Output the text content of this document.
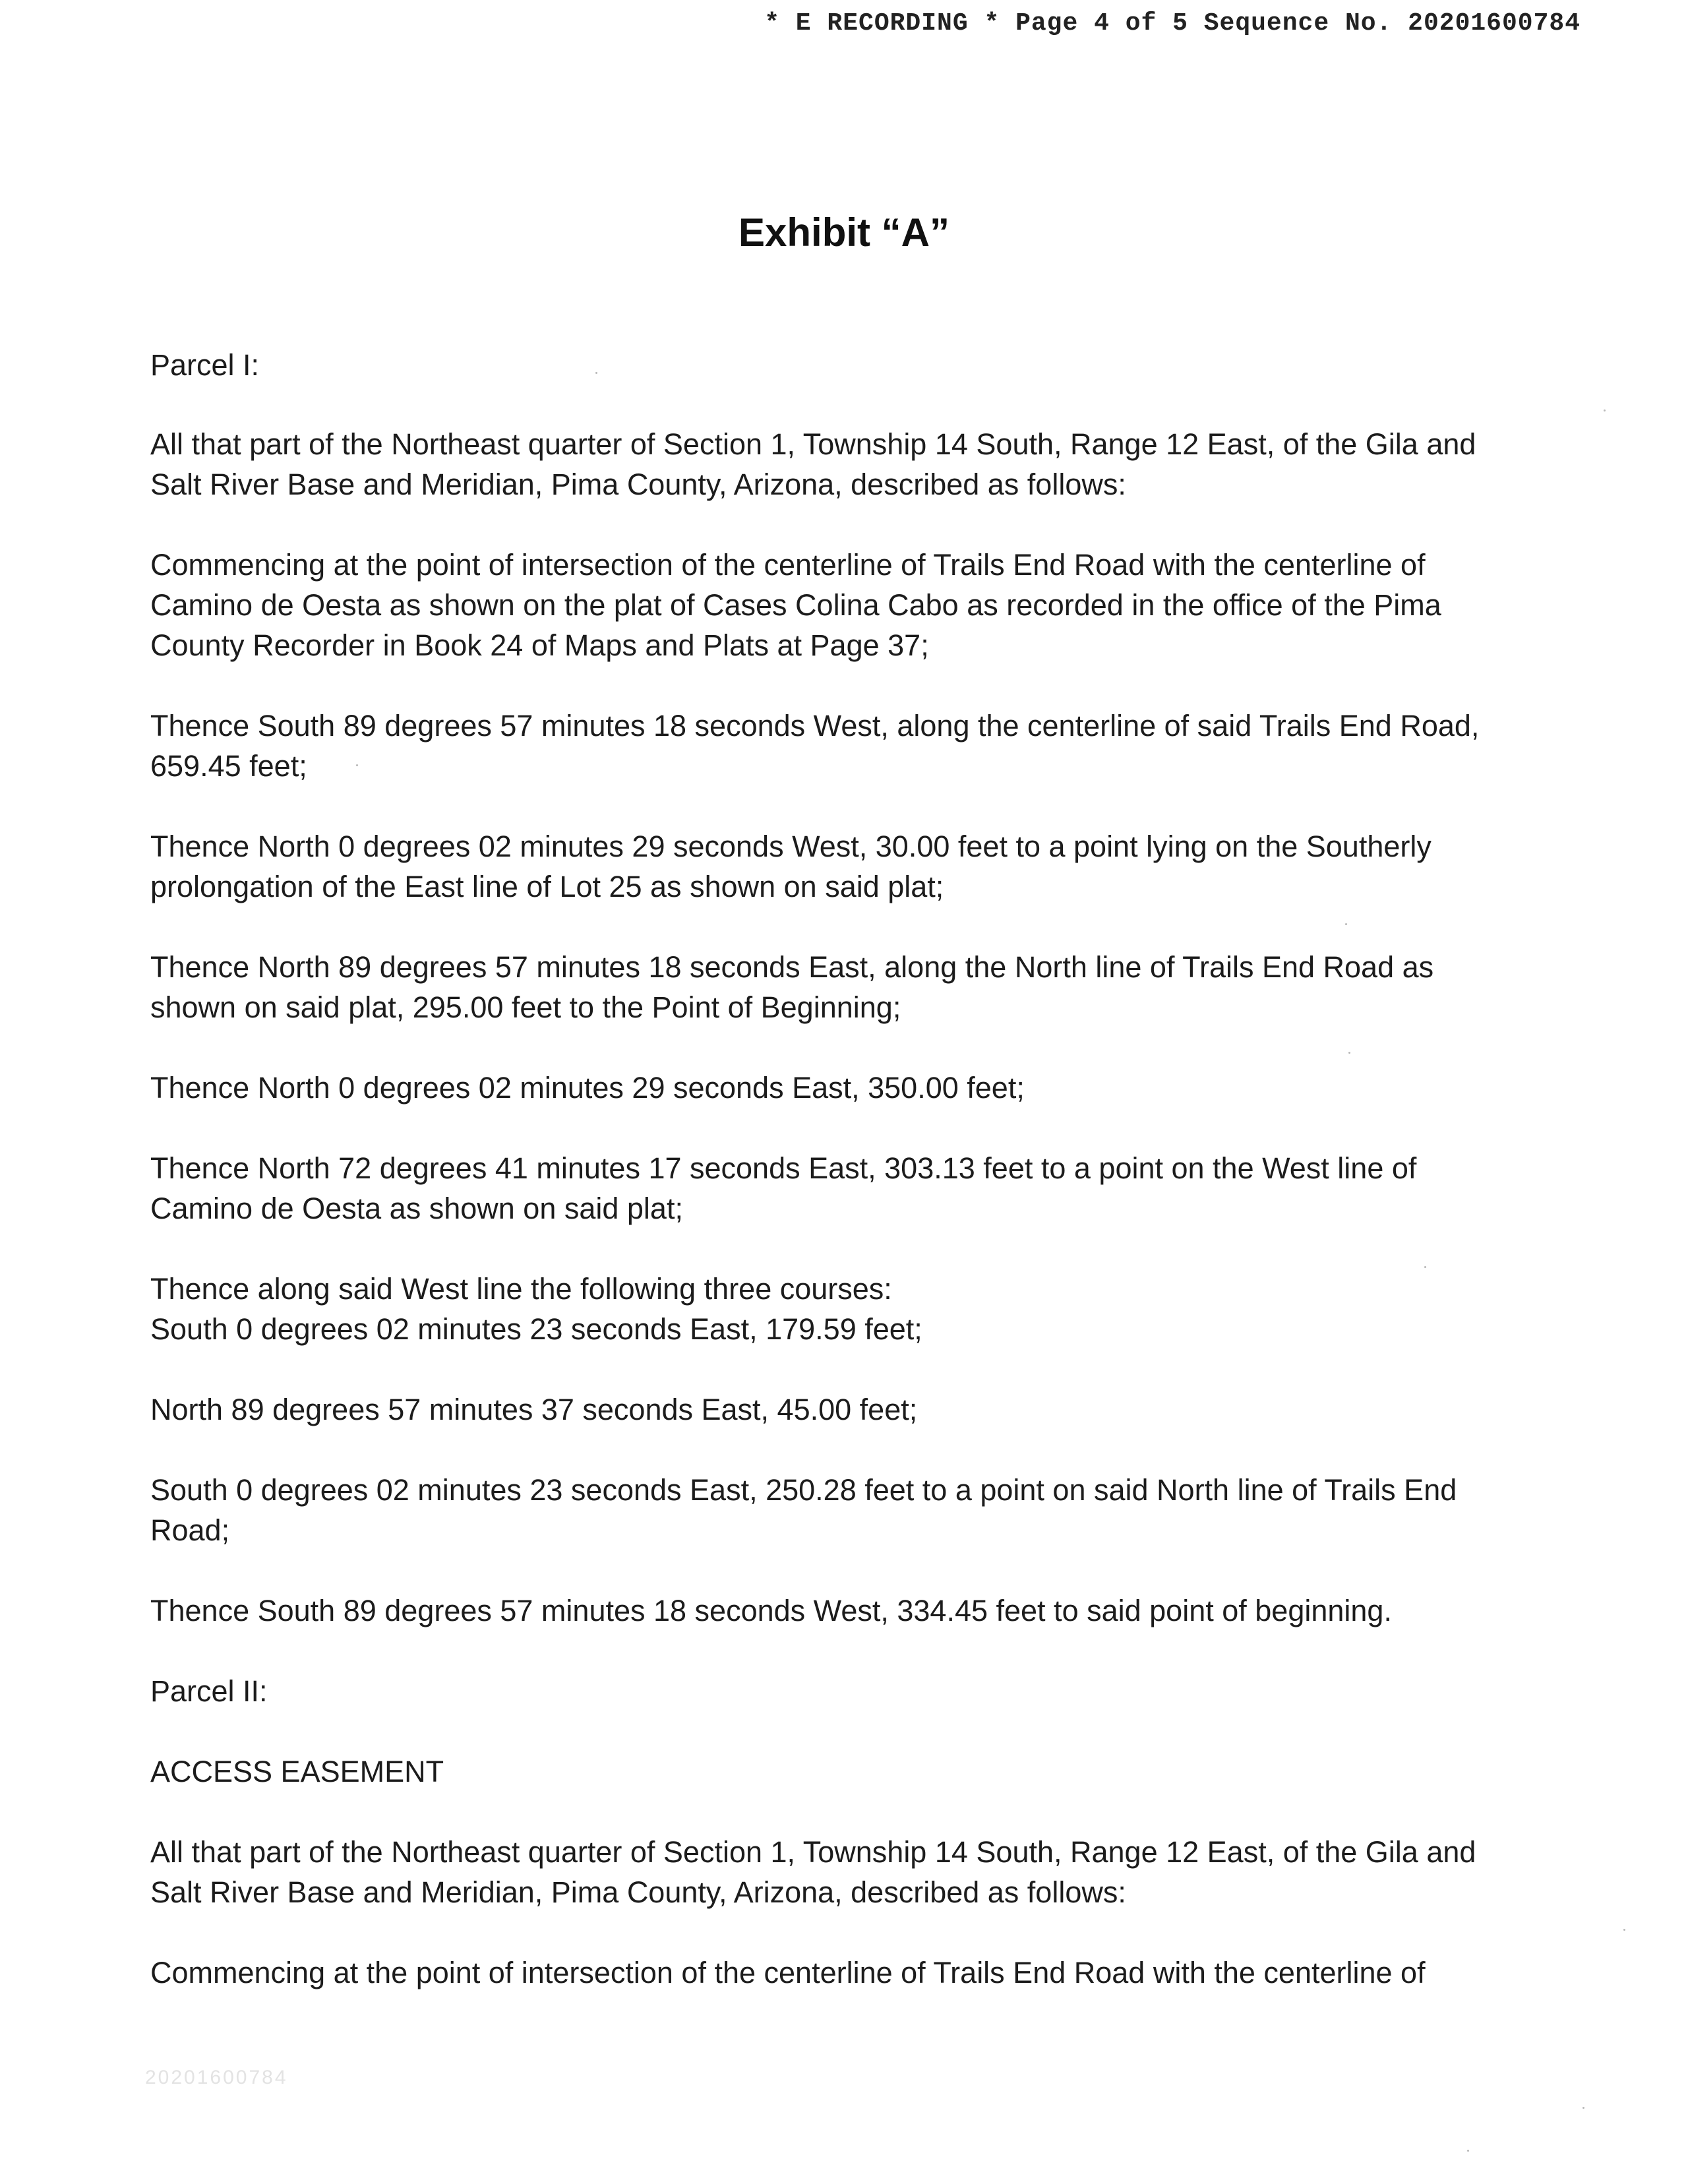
* E RECORDING * Page 4 of 5 Sequence No. 20201600784
Exhibit “A”

Parcel I:

All that part of the Northeast quarter of Section 1, Township 14 South, Range 12 East, of the Gila and
Salt River Base and Meridian, Pima County, Arizona, described as follows:

Commencing at the point of intersection of the centerline of Trails End Road with the centerline of
Camino de Oesta as shown on the plat of Cases Colina Cabo as recorded in the office of the Pima
County Recorder in Book 24 of Maps and Plats at Page 37;

Thence South 89 degrees 57 minutes 18 seconds West, along the centerline of said Trails End Road,
659.45 feet;

Thence North 0 degrees 02 minutes 29 seconds West, 30.00 feet to a point lying on the Southerly
prolongation of the East line of Lot 25 as shown on said plat;

Thence North 89 degrees 57 minutes 18 seconds East, along the North line of Trails End Road as
shown on said plat, 295.00 feet to the Point of Beginning;

Thence North 0 degrees 02 minutes 29 seconds East, 350.00 feet;

Thence North 72 degrees 41 minutes 17 seconds East, 303.13 feet to a point on the West line of
Camino de Oesta as shown on said plat;

Thence along said West line the following three courses:
South 0 degrees 02 minutes 23 seconds East, 179.59 feet;

North 89 degrees 57 minutes 37 seconds East, 45.00 feet;

South 0 degrees 02 minutes 23 seconds East, 250.28 feet to a point on said North line of Trails End
Road;

Thence South 89 degrees 57 minutes 18 seconds West, 334.45 feet to said point of beginning.

Parcel II:

ACCESS EASEMENT

All that part of the Northeast quarter of Section 1, Township 14 South, Range 12 East, of the Gila and
Salt River Base and Meridian, Pima County, Arizona, described as follows:

Commencing at the point of intersection of the centerline of Trails End Road with the centerline of

20201600784
